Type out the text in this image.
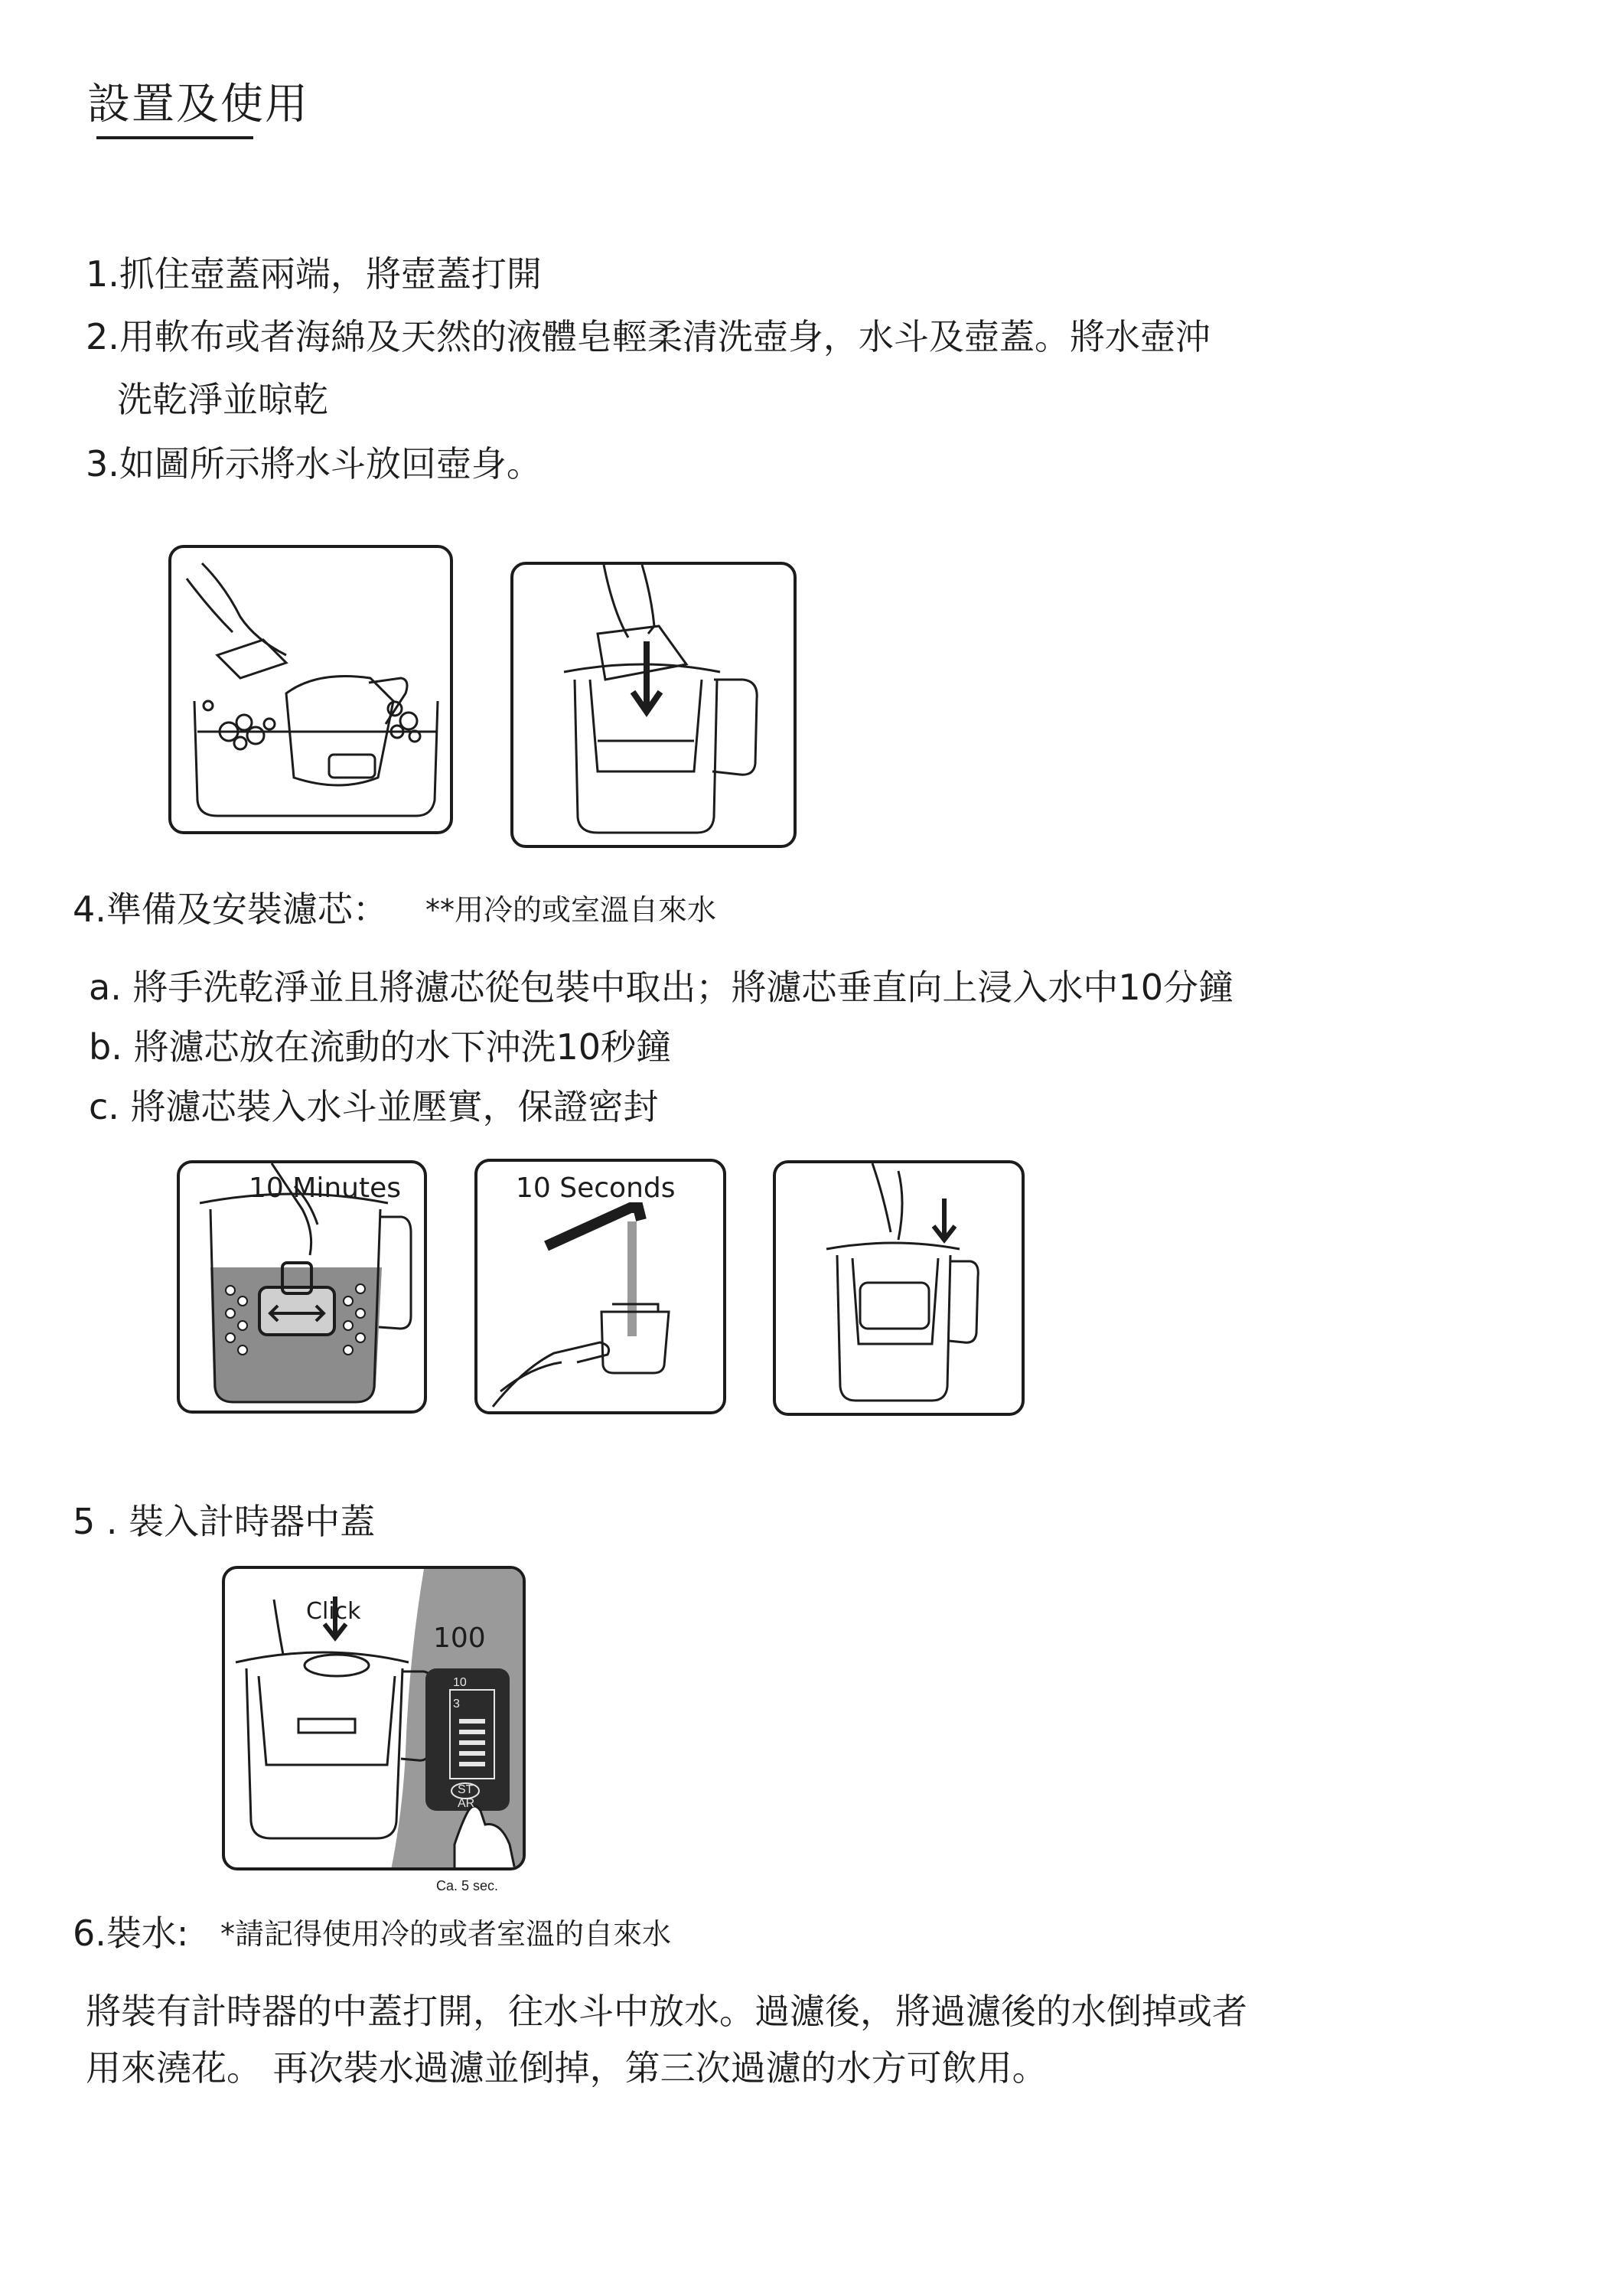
設置及使用
1.抓住壺蓋兩端，將壺蓋打開
2.用軟布或者海綿及天然的液體皂輕柔清洗壺身，水斗及壺蓋。將水壺沖
洗乾淨並晾乾
3.如圖所示將水斗放回壺身。
4.準備及安裝濾芯： **用冷的或室溫自來水
a. 將手洗乾淨並且將濾芯從包裝中取出；將濾芯垂直向上浸入水中10分鐘
b. 將濾芯放在流動的水下沖洗10秒鐘
c. 將濾芯裝入水斗並壓實，保證密封
10 Minutes	10 Seconds
5 . 裝入計時器中蓋
Click
100
10
3
ST
AR
Ca. 5 sec.
6.裝水: *請記得使用冷的或者室溫的自來水
將裝有計時器的中蓋打開，往水斗中放水。過濾後，將過濾後的水倒掉或者
用來澆花。 再次裝水過濾並倒掉，第三次過濾的水方可飲用。
